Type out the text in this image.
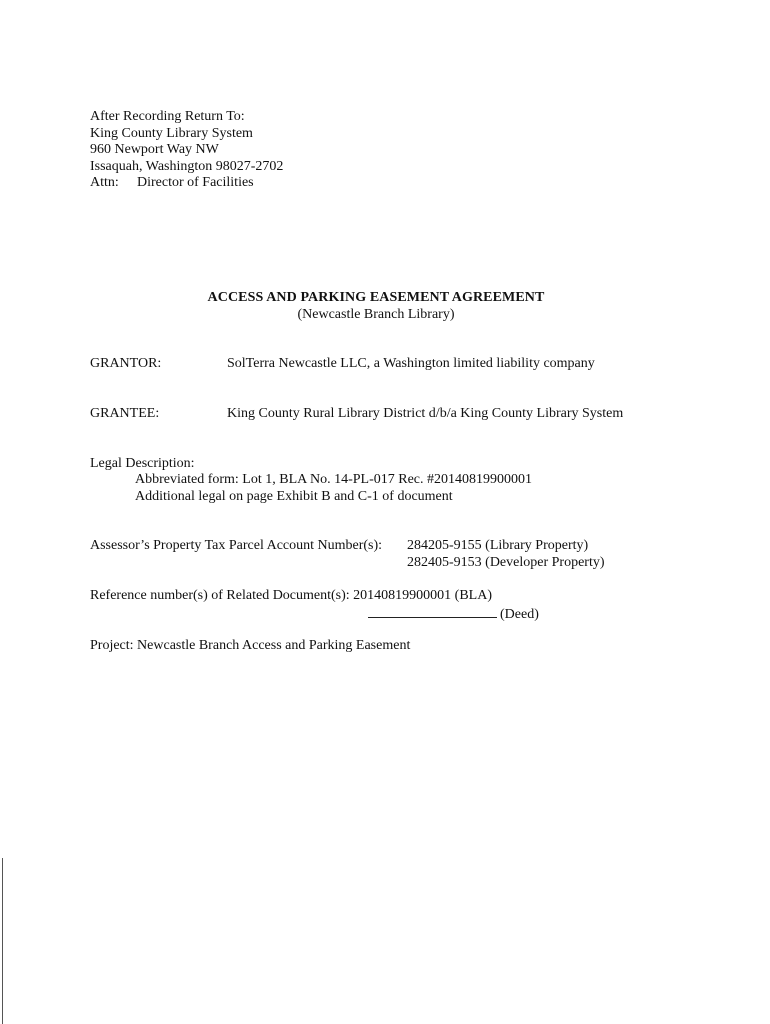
After Recording Return To:
King County Library System
960 Newport Way NW
Issaquah, Washington 98027-2702
Attn: Director of Facilities
ACCESS AND PARKING EASEMENT AGREEMENT
(Newcastle Branch Library)
GRANTOR:	SolTerra Newcastle LLC, a Washington limited liability company
GRANTEE:	King County Rural Library District d/b/a King County Library System
Legal Description:
Abbreviated form: Lot 1, BLA No. 14-PL-017 Rec. #20140819900001
Additional legal on page Exhibit B and C-1 of document
Assessor’s Property Tax Parcel Account Number(s): 284205-9155 (Library Property)
282405-9153 (Developer Property)
Reference number(s) of Related Document(s): 20140819900001 (BLA)
(Deed)
Project: Newcastle Branch Access and Parking Easement
